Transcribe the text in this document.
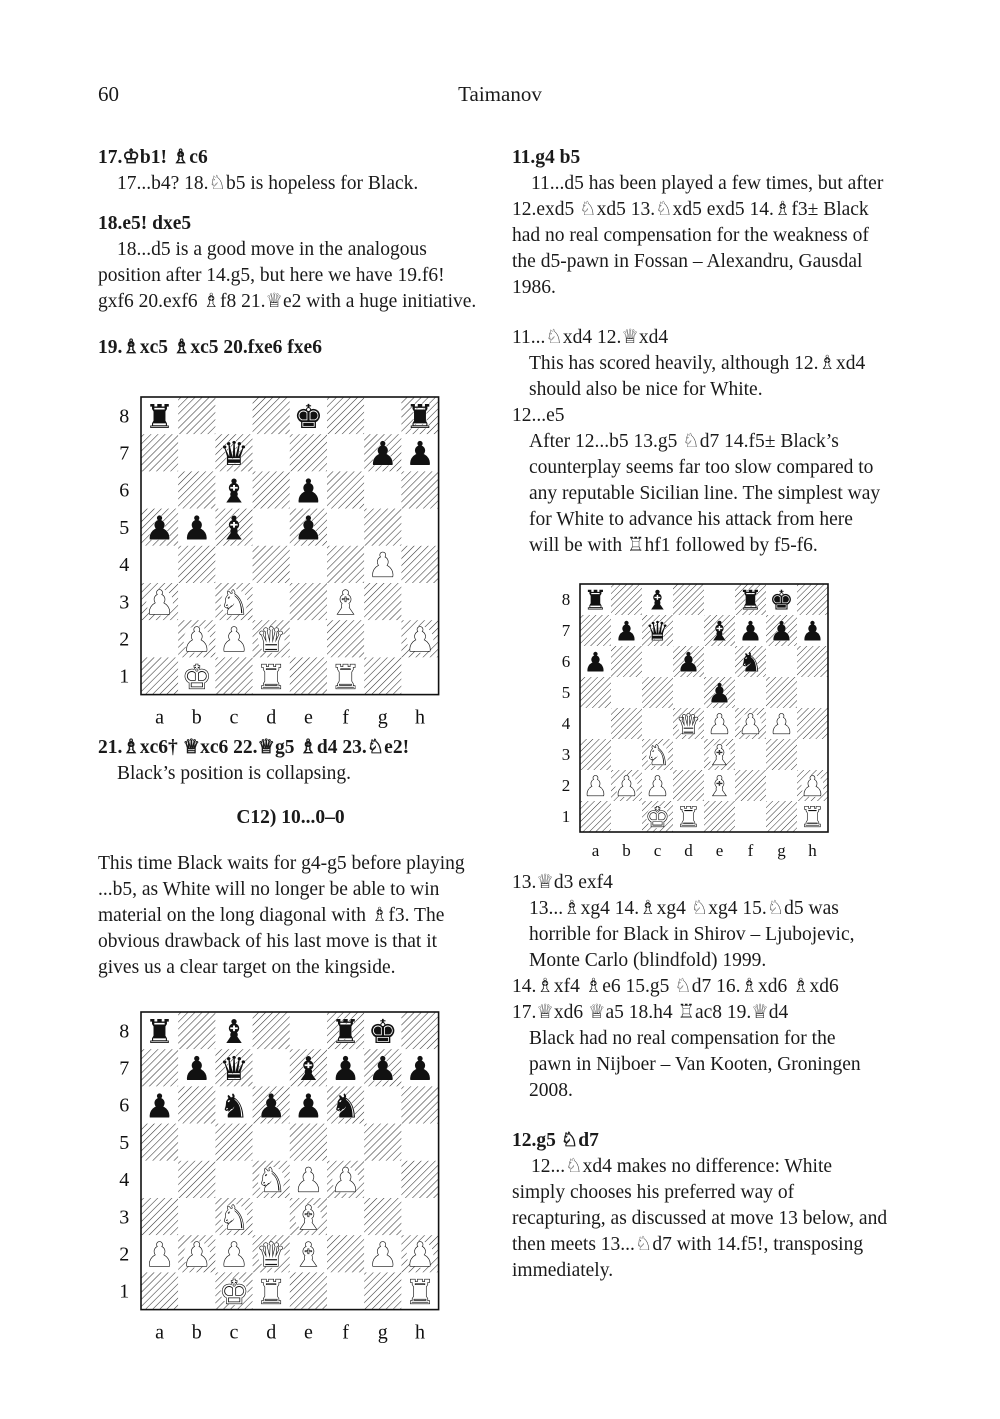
60	Taimanov

17.♔b1! ♗c6

17...b4? 18.♘b5 is hopeless for Black.

18.e5! dxe5

18...d5 is a good move in the analogous

position after 14.g5, but here we have 19.f6!

gxf6 20.exf6 ♗f8 21.♕e2 with a huge initiative.

19.♗xc5 ♗xc5 20.fxe6 fxe6

8
7
6
5
4
3
2
1
a b c d e f g h
♜	♚ ♜
♛	♟ ♟
♝ ♟
♟ ♟ ♝ ♟
♟
♟ ♞ ♝
♟ ♟ ♛	♟
♚ ♜ ♜

21.♗xc6† ♕xc6 22.♕g5 ♗d4 23.♘e2!

Black’s position is collapsing.

C12) 10...0–0

This time Black waits for g4-g5 before playing

...b5, as White will no longer be able to win

material on the long diagonal with ♗f3. The

obvious drawback of his last move is that it

gives us a clear target on the kingside.

8
7
6
5
4
3
2
1
a b c d e f g h
♜ ♝ ♜ ♚
♟ ♛ ♝ ♟ ♟ ♟
♟ ♞ ♟ ♟ ♞
♞ ♟ ♟
♞ ♝
♟ ♟ ♟ ♛ ♝ ♟ ♟
♚ ♜	♜

11.g4 b5

11...d5 has been played a few times, but after

12.exd5 ♘xd5 13.♘xd5 exd5 14.♗f3± Black

had no real compensation for the weakness of

the d5-pawn in Fossan – Alexandru, Gausdal

1986.

11...♘xd4 12.♕xd4

This has scored heavily, although 12.♗xd4

should also be nice for White.

12...e5

After 12...b5 13.g5 ♘d7 14.f5± Black’s

counterplay seems far too slow compared to

any reputable Sicilian line. The simplest way

for White to advance his attack from here

will be with ♖hf1 followed by f5-f6.

8
7
6
5
4
3
2
1
a b c d e f g h
♜ ♝	♜ ♚
♟ ♛ ♝ ♟ ♟ ♟
♟	♟ ♞
♟
♛ ♟ ♟ ♟
♞ ♝
♟ ♟ ♟ ♝	♟
♚ ♜	♜

13.♕d3 exf4

13...♗xg4 14.♗xg4 ♘xg4 15.♘d5 was

horrible for Black in Shirov – Ljubojevic,

Monte Carlo (blindfold) 1999.

14.♗xf4 ♗e6 15.g5 ♘d7 16.♗xd6 ♗xd6

17.♕xd6 ♕a5 18.h4 ♖ac8 19.♕d4

Black had no real compensation for the

pawn in Nijboer – Van Kooten, Groningen

2008.

12.g5 ♘d7

12...♘xd4 makes no difference: White

simply chooses his preferred way of

recapturing, as discussed at move 13 below, and

then meets 13...♘d7 with 14.f5!, transposing

immediately.
